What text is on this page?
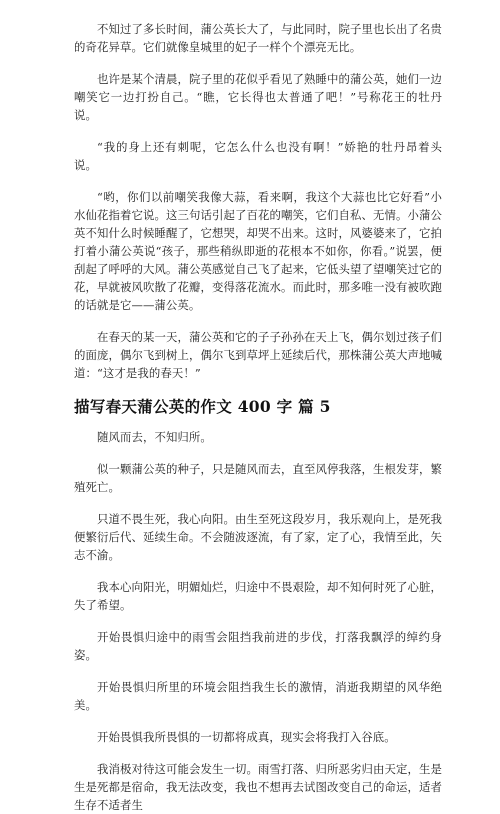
不知过了多长时间，蒲公英长大了，与此同时，院子里也长出了名贵的奇花异草。它们就像皇城里的妃子一样个个漂亮无比。

也许是某个清晨，院子里的花似乎看见了熟睡中的蒲公英，她们一边嘲笑它一边打扮自己。“瞧，它长得也太普通了吧！”号称花王的牡丹说。

“我的身上还有刺呢，它怎么什么也没有啊！”娇艳的牡丹昂着头说。

“哟，你们以前嘲笑我像大蒜，看来啊，我这个大蒜也比它好看”小水仙花指着它说。这三句话引起了百花的嘲笑，它们自私、无情。小蒲公英不知什么时候睡醒了，它想哭，却哭不出来。这时，风婆婆来了，它拍打着小蒲公英说“孩子，那些稍纵即逝的花根本不如你，你看。”说罢，便刮起了呼呼的大风。蒲公英感觉自己飞了起来，它低头望了望嘲笑过它的花，早就被风吹散了花瓣，变得落花流水。而此时，那多唯一没有被吹跑的话就是它——蒲公英。

在春天的某一天，蒲公英和它的子子孙孙在天上飞，偶尔划过孩子们的面庞，偶尔飞到树上，偶尔飞到草坪上延续后代，那株蒲公英大声地喊道：“这才是我的春天！”

描写春天蒲公英的作文 400 字 篇 5

随风而去，不知归所。

似一颗蒲公英的种子，只是随风而去，直至风停我落，生根发芽，繁殖死亡。

只道不畏生死，我心向阳。由生至死这段岁月，我乐观向上，是死我便繁衍后代、延续生命。不会随波逐流，有了家，定了心，我情至此，矢志不渝。

我本心向阳光，明媚灿烂，归途中不畏艰险，却不知何时死了心脏，失了希望。

开始畏惧归途中的雨雪会阻挡我前进的步伐，打落我飘浮的绰约身姿。

开始畏惧归所里的环境会阻挡我生长的激情，消逝我期望的风华绝美。

开始畏惧我所畏惧的一切都将成真，现实会将我打入谷底。

我消极对待这可能会发生一切。雨雪打落、归所恶劣归由天定，生是生是死都是宿命，我无法改变，我也不想再去试图改变自己的命运，适者生存不适者生
